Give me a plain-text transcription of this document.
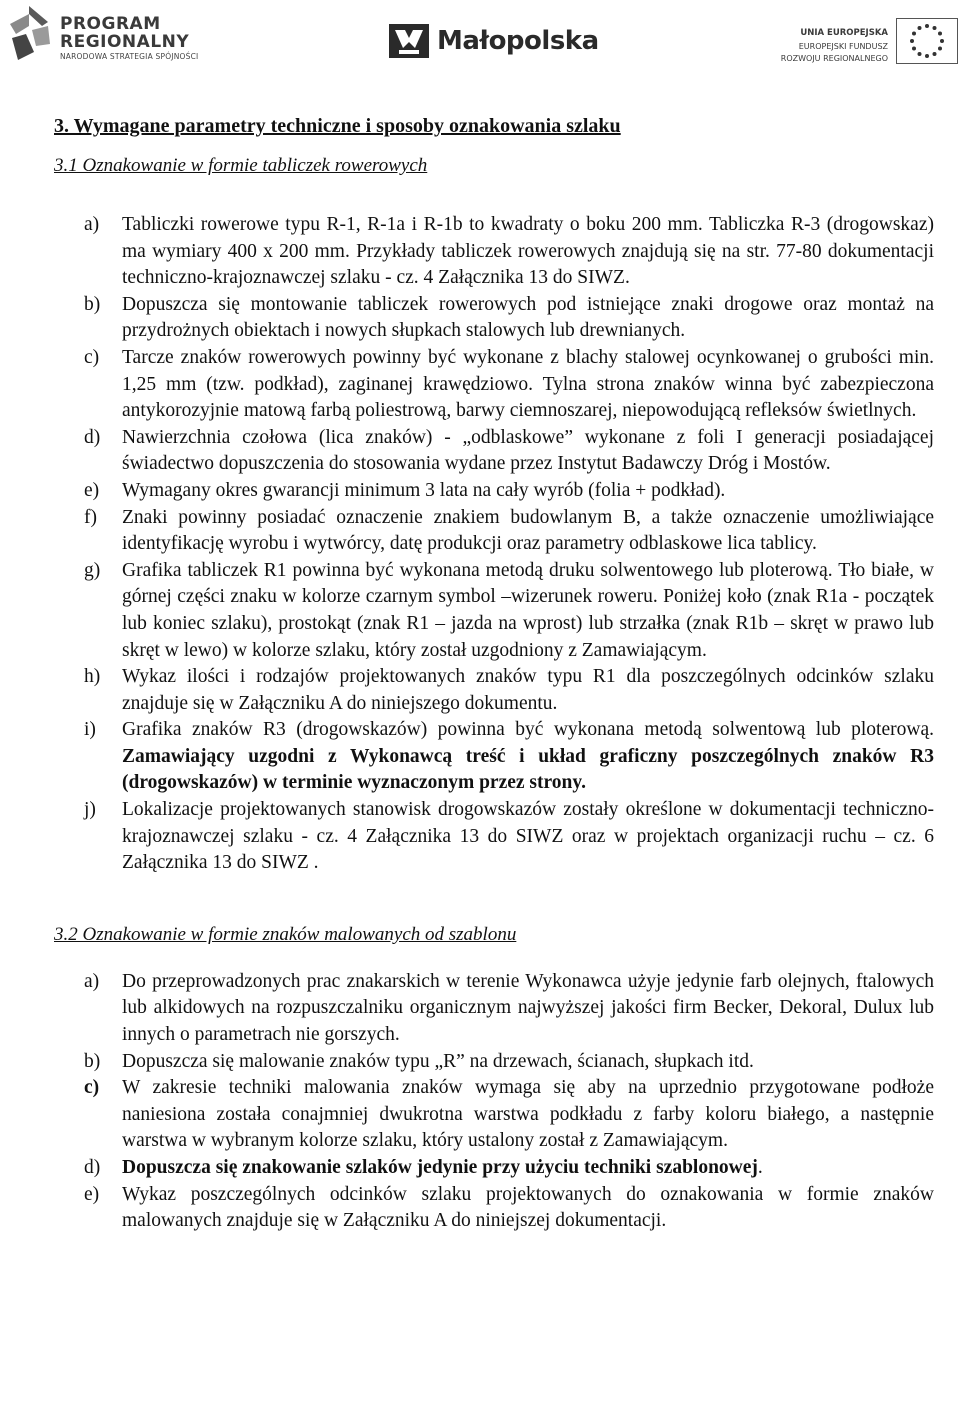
PROGRAM
REGIONALNY
NARODOWA STRATEGIA SPÓJNOŚCI
Małopolska	UNIA EUROPEJSKA
EUROPEJSKI FUNDUSZ
ROZWOJU REGIONALNEGO

3. Wymagane parametry techniczne i sposoby oznakowania szlaku

3.1 Oznakowanie w formie tabliczek rowerowych

a) Tabliczki rowerowe typu R-1, R-1a i R-1b to kwadraty o boku 200 mm. Tabliczka R-3 (drogowskaz) ma wymiary 400 x 200 mm. Przykłady tabliczek rowerowych znajdują się na str. 77-80 dokumentacji techniczno-krajoznawczej szlaku - cz. 4 Załącznika 13 do SIWZ.
b) Dopuszcza się montowanie tabliczek rowerowych pod istniejące znaki drogowe oraz montaż na przydrożnych obiektach i nowych słupkach stalowych lub drewnianych.
c) Tarcze znaków rowerowych powinny być wykonane z blachy stalowej ocynkowanej o grubości min. 1,25 mm (tzw. podkład), zaginanej krawędziowo. Tylna strona znaków winna być zabezpieczona antykorozyjnie matową farbą poliestrową, barwy ciemnoszarej, niepowodującą refleksów świetlnych.
d) Nawierzchnia czołowa (lica znaków) - „odblaskowe” wykonane z foli I generacji posiadającej świadectwo dopuszczenia do stosowania wydane przez Instytut Badawczy Dróg i Mostów.
e) Wymagany okres gwarancji minimum 3 lata na cały wyrób (folia + podkład).
f) Znaki powinny posiadać oznaczenie znakiem budowlanym B, a także oznaczenie umożliwiające identyfikację wyrobu i wytwórcy, datę produkcji oraz parametry odblaskowe lica tablicy.
g) Grafika tabliczek R1 powinna być wykonana metodą druku solwentowego lub ploterową. Tło białe, w górnej części znaku w kolorze czarnym symbol –wizerunek roweru. Poniżej koło (znak R1a - początek lub koniec szlaku), prostokąt (znak R1 – jazda na wprost) lub strzałka (znak R1b – skręt w prawo lub skręt w lewo) w kolorze szlaku, który został uzgodniony z Zamawiającym.
h) Wykaz ilości i rodzajów projektowanych znaków typu R1 dla poszczególnych odcinków szlaku znajduje się w Załączniku A do niniejszego dokumentu.
i) Grafika znaków R3 (drogowskazów) powinna być wykonana metodą solwentową lub ploterową. Zamawiający uzgodni z Wykonawcą treść i układ graficzny poszczególnych znaków R3 (drogowskazów) w terminie wyznaczonym przez strony.
j) Lokalizacje projektowanych stanowisk drogowskazów zostały określone w dokumentacji techniczno-krajoznawczej szlaku - cz. 4 Załącznika 13 do SIWZ oraz w projektach organizacji ruchu – cz. 6 Załącznika 13 do SIWZ .

3.2 Oznakowanie w formie znaków malowanych od szablonu

a) Do przeprowadzonych prac znakarskich w terenie Wykonawca użyje jedynie farb olejnych, ftalowych lub alkidowych na rozpuszczalniku organicznym najwyższej jakości firm Becker, Dekoral, Dulux lub innych o parametrach nie gorszych.
b) Dopuszcza się malowanie znaków typu „R” na drzewach, ścianach, słupkach itd.
c) W zakresie techniki malowania znaków wymaga się aby na uprzednio przygotowane podłoże naniesiona została conajmniej dwukrotna warstwa podkładu z farby koloru białego, a następnie warstwa w wybranym kolorze szlaku, który ustalony został z Zamawiającym.
d) Dopuszcza się znakowanie szlaków jedynie przy użyciu techniki szablonowej.
e) Wykaz poszczególnych odcinków szlaku projektowanych do oznakowania w formie znaków malowanych znajduje się w Załączniku A do niniejszej dokumentacji.
